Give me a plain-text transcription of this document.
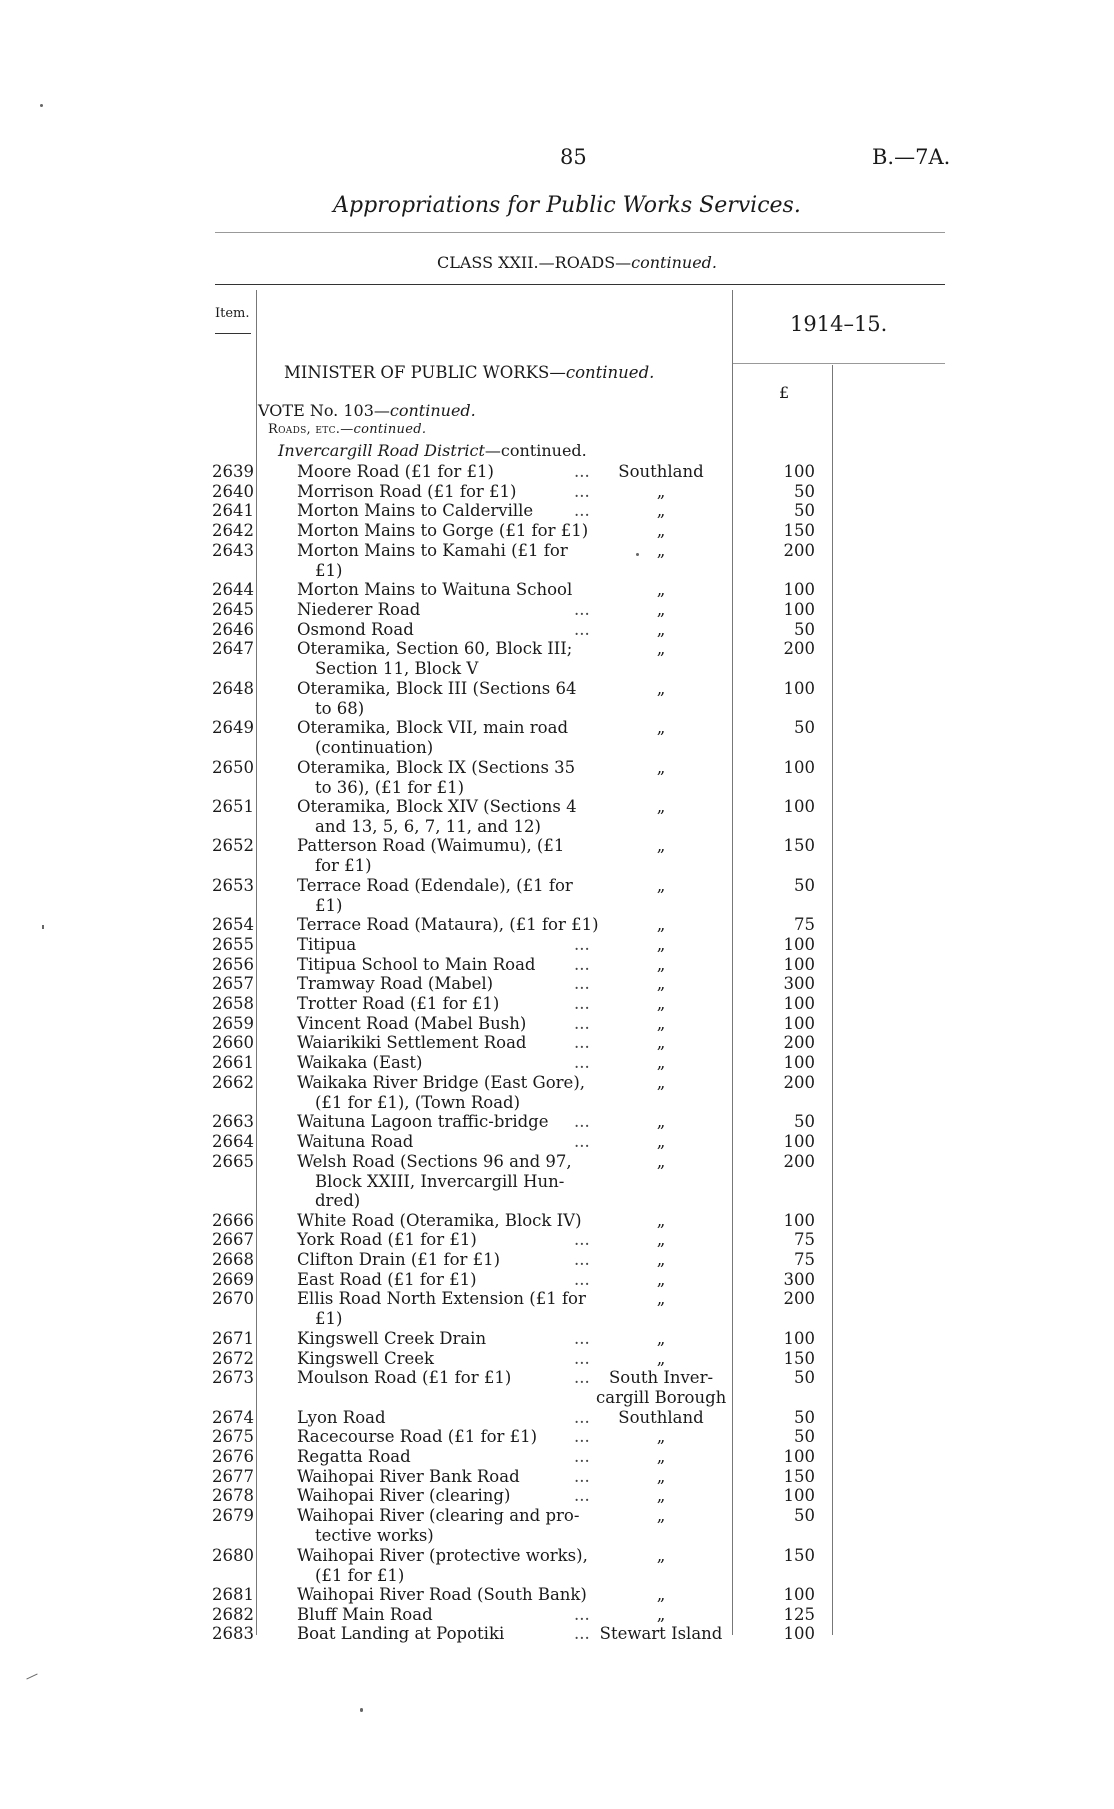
85	B.—7A.
Appropriations for Public Works Services.
CLASS XXII.—ROADS—continued.
Item.	1914–15.
£
MINISTER OF PUBLIC WORKS—continued.
VOTE No. 103—continued.
Roads, etc.—continued.
Invercargill Road District—continued.
2639	Moore Road (£1 for £1)	...	Southland	100
2640	Morrison Road (£1 for £1)	...	„	50
2641	Morton Mains to Calderville	...	„	50
2642	Morton Mains to Gorge (£1 for £1)	„	150
2643	Morton Mains to Kamahi (£1 for
£1)
„	200
2644	Morton Mains to Waituna School	„	100
2645	Niederer Road	...	„	100
2646	Osmond Road	...	„	50
2647	Oteramika, Section 60, Block III;
Section 11, Block V
„	200
2648	Oteramika, Block III (Sections 64
to 68)
„	100
2649	Oteramika, Block VII, main road
(continuation)
„	50
2650	Oteramika, Block IX (Sections 35
to 36), (£1 for £1)
„	100
2651	Oteramika, Block XIV (Sections 4
and 13, 5, 6, 7, 11, and 12)
„	100
2652	Patterson Road (Waimumu), (£1
for £1)
„	150
2653	Terrace Road (Edendale), (£1 for
£1)
„	50
2654	Terrace Road (Mataura), (£1 for £1)	„	75
2655	Titipua	...	„	100
2656	Titipua School to Main Road	...	„	100
2657	Tramway Road (Mabel)	...	„	300
2658	Trotter Road (£1 for £1)	...	„	100
2659	Vincent Road (Mabel Bush)	...	„	100
2660	Waiarikiki Settlement Road	...	„	200
2661	Waikaka (East)	...	„	100
2662	Waikaka River Bridge (East Gore),
(£1 for £1), (Town Road)
„	200
2663	Waituna Lagoon traffic-bridge	...	„	50
2664	Waituna Road	...	„	100
2665	Welsh Road (Sections 96 and 97,
Block XXIII, Invercargill Hun-
dred)
„	200
2666	White Road (Oteramika, Block IV)	„	100
2667	York Road (£1 for £1)	...	„	75
2668	Clifton Drain (£1 for £1)	...	„	75
2669	East Road (£1 for £1)	...	„	300
2670	Ellis Road North Extension (£1 for
£1)
„	200
2671	Kingswell Creek Drain	...	„	100
2672	Kingswell Creek	...	„	150
2673	Moulson Road (£1 for £1)	...	South Inver-
cargill Borough
50
2674	Lyon Road	...	Southland	50
2675	Racecourse Road (£1 for £1)	...	„	50
2676	Regatta Road	...	„	100
2677	Waihopai River Bank Road	...	„	150
2678	Waihopai River (clearing)	...	„	100
2679	Waihopai River (clearing and pro-
tective works)
„	50
2680	Waihopai River (protective works),
(£1 for £1)
„	150
2681	Waihopai River Road (South Bank)	„	100
2682	Bluff Main Road	...	„	125
2683	Boat Landing at Popotiki	... Stewart Island	100
